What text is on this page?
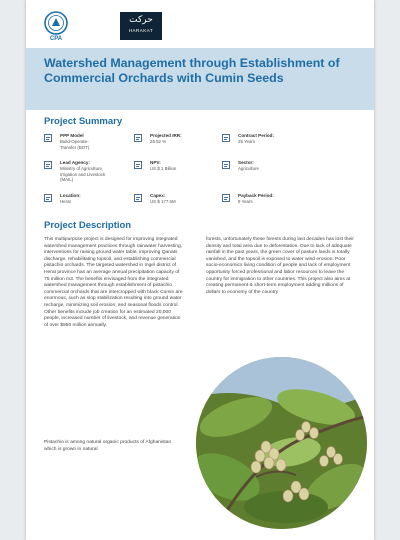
CPA
حرکت
HARAKAT
Watershed Management through Establishment of Commercial Orchards with Cumin Seeds
Project Summary
PPP Model
Build-Operate-
Transfer (BOT)
Projected IRR:
25.52 %
Contract Period:
25 Years
Lead Agency:
Ministry of Agriculture,
Irrigation and Livestock
(MAIL)
NPV:
US $ 1 Billion
Sector:
Agriculture
Location:
Herat
Capex:
US $ 177.5M
Payback Period:
9 Years
Project Description

This multipurpose project is designed for improving integrated watershed management practices through rainwater harvesting, interventions for raising ground water table, improving Qanats discharge, rehabilitating topsoil, and establishing commercial pistachio orchards. The targeted watershed in Ingel district of Herat province has an average annual precipitation capacity of 75 million m3. The benefits envisaged from the integrated watershed management through establishment of pistachio commercial orchards that are intercropped with black Cumin are enormous, such as slop stabilization resulting into ground water recharge, minimizing soil erosion, and seasonal floods control. Other benefits include job creation for an estimated 20,000 people, increased number of livestock, and revenue generation of over $950 million annually.

Pistachio is among natural organic products of Afghanistan which is grown in natural

forests, unfortunately these forests during last decades has lost their density and total area due to deforestation. Due to lack of adequate rainfall in the past years, the green cover of pasture lands is totally vanished, and the topsoil is exposed to water wind erosion. Poor socio-economics living condition of people and lack of employment opportunity forced professional and labor resources to leave the country for immigration to other countries. This project also aims at creating permanent & short-term employment adding millions of dollars to economy of the country
